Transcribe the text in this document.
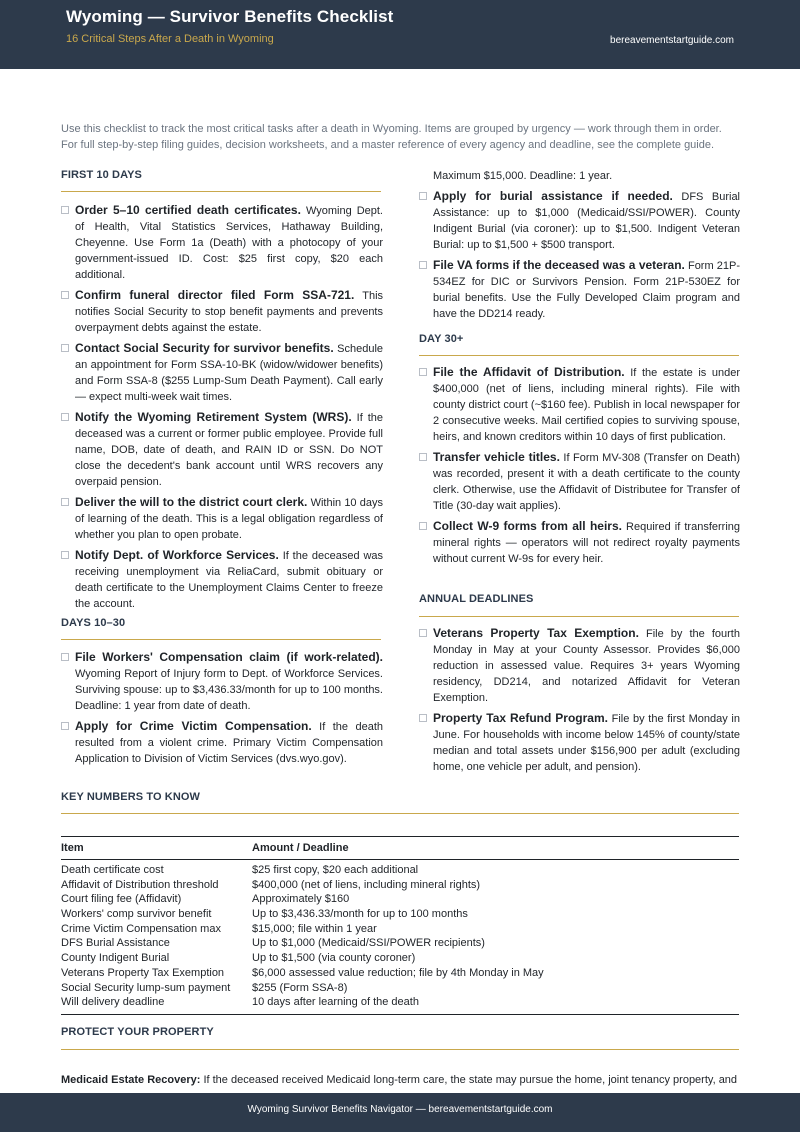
Wyoming — Survivor Benefits Checklist
16 Critical Steps After a Death in Wyoming	bereavementstartguide.com
Use this checklist to track the most critical tasks after a death in Wyoming. Items are grouped by urgency — work through them in order. For full step-by-step filing guides, decision worksheets, and a master reference of every agency and deadline, see the complete guide.
FIRST 10 DAYS
Order 5–10 certified death certificates. Wyoming Dept. of Health, Vital Statistics Services, Hathaway Building, Cheyenne. Use Form 1a (Death) with a photocopy of your government-issued ID. Cost: $25 first copy, $20 each additional.
Confirm funeral director filed Form SSA-721. This notifies Social Security to stop benefit payments and prevents overpayment debts against the estate.
Contact Social Security for survivor benefits. Schedule an appointment for Form SSA-10-BK (widow/widower benefits) and Form SSA-8 ($255 Lump-Sum Death Payment). Call early — expect multi-week wait times.
Notify the Wyoming Retirement System (WRS). If the deceased was a current or former public employee. Provide full name, DOB, date of death, and RAIN ID or SSN. Do NOT close the decedent's bank account until WRS recovers any overpaid pension.
Deliver the will to the district court clerk. Within 10 days of learning of the death. This is a legal obligation regardless of whether you plan to open probate.
Notify Dept. of Workforce Services. If the deceased was receiving unemployment via ReliaCard, submit obituary or death certificate to the Unemployment Claims Center to freeze the account.
DAYS 10–30
File Workers' Compensation claim (if work-related). Wyoming Report of Injury form to Dept. of Workforce Services. Surviving spouse: up to $3,436.33/month for up to 100 months. Deadline: 1 year from date of death.
Apply for Crime Victim Compensation. If the death resulted from a violent crime. Primary Victim Compensation Application to Division of Victim Services (dvs.wyo.gov).
Maximum $15,000. Deadline: 1 year.
Apply for burial assistance if needed. DFS Burial Assistance: up to $1,000 (Medicaid/SSI/POWER). County Indigent Burial (via coroner): up to $1,500. Indigent Veteran Burial: up to $1,500 + $500 transport.
File VA forms if the deceased was a veteran. Form 21P-534EZ for DIC or Survivors Pension. Form 21P-530EZ for burial benefits. Use the Fully Developed Claim program and have the DD214 ready.
DAY 30+
File the Affidavit of Distribution. If the estate is under $400,000 (net of liens, including mineral rights). File with county district court (~$160 fee). Publish in local newspaper for 2 consecutive weeks. Mail certified copies to surviving spouse, heirs, and known creditors within 10 days of first publication.
Transfer vehicle titles. If Form MV-308 (Transfer on Death) was recorded, present it with a death certificate to the county clerk. Otherwise, use the Affidavit of Distributee for Transfer of Title (30-day wait applies).
Collect W-9 forms from all heirs. Required if transferring mineral rights — operators will not redirect royalty payments without current W-9s for every heir.
ANNUAL DEADLINES
Veterans Property Tax Exemption. File by the fourth Monday in May at your County Assessor. Provides $6,000 reduction in assessed value. Requires 3+ years Wyoming residency, DD214, and notarized Affidavit for Veteran Exemption.
Property Tax Refund Program. File by the first Monday in June. For households with income below 145% of county/state median and total assets under $156,900 per adult (excluding home, one vehicle per adult, and pension).
KEY NUMBERS TO KNOW
Item	Amount / Deadline
Death certificate cost	$25 first copy, $20 each additional
Affidavit of Distribution threshold	$400,000 (net of liens, including mineral rights)
Court filing fee (Affidavit)	Approximately $160
Workers' comp survivor benefit	Up to $3,436.33/month for up to 100 months
Crime Victim Compensation max	$15,000; file within 1 year
DFS Burial Assistance	Up to $1,000 (Medicaid/SSI/POWER recipients)
County Indigent Burial	Up to $1,500 (via county coroner)
Veterans Property Tax Exemption	$6,000 assessed value reduction; file by 4th Monday in May
Social Security lump-sum payment $255 (Form SSA-8)
Will delivery deadline	10 days after learning of the death
PROTECT YOUR PROPERTY
Medicaid Estate Recovery: If the deceased received Medicaid long-term care, the state may pursue the home, joint tenancy property, and
Wyoming Survivor Benefits Navigator — bereavementstartguide.com
